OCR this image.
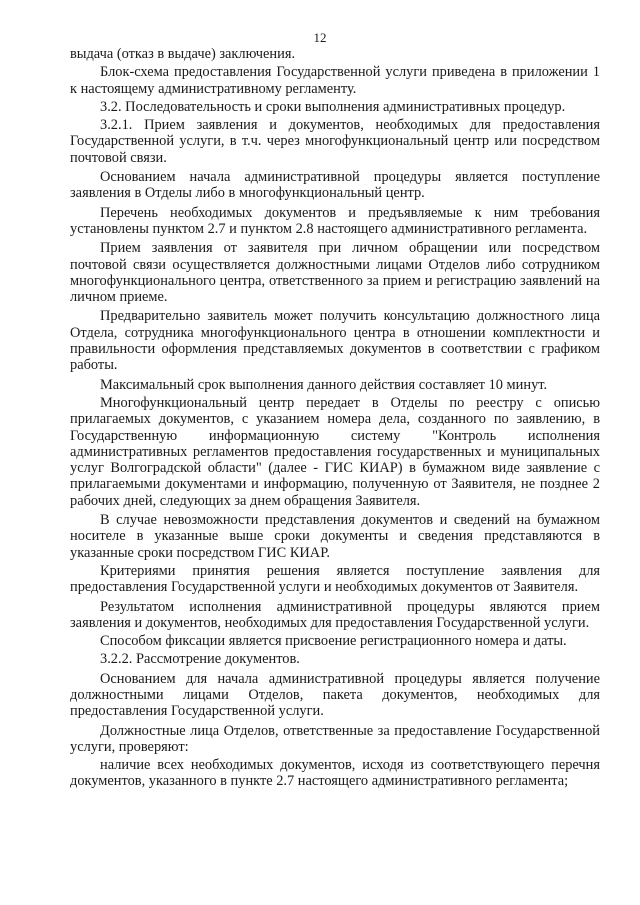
12

выдача (отказ в выдаче) заключения.

Блок-схема предоставления Государственной услуги приведена в приложении 1 к настоящему административному регламенту.

3.2. Последовательность и сроки выполнения административных процедур.

3.2.1. Прием заявления и документов, необходимых для предоставления Государственной услуги, в т.ч. через многофункциональный центр или посредством почтовой связи.

Основанием начала административной процедуры является поступление заявления в Отделы либо в многофункциональный центр.

Перечень необходимых документов и предъявляемые к ним требования установлены пунктом 2.7 и пунктом 2.8 настоящего административного регламента.

Прием заявления от заявителя при личном обращении или посредством почтовой связи осуществляется должностными лицами Отделов либо сотрудником многофункционального центра, ответственного за прием и регистрацию заявлений на личном приеме.

Предварительно заявитель может получить консультацию должностного лица Отдела, сотрудника многофункционального центра в отношении комплектности и правильности оформления представляемых документов в соответствии с графиком работы.

Максимальный срок выполнения данного действия составляет 10 минут.

Многофункциональный центр передает в Отделы по реестру с описью прилагаемых документов, с указанием номера дела, созданного по заявлению, в Государственную информационную систему "Контроль исполнения административных регламентов предоставления государственных и муниципальных услуг Волгоградской области" (далее - ГИС КИАР) в бумажном виде заявление с прилагаемыми документами и информацию, полученную от Заявителя, не позднее 2 рабочих дней, следующих за днем обращения Заявителя.

В случае невозможности представления документов и сведений на бумажном носителе в указанные выше сроки документы и сведения представляются в указанные сроки посредством ГИС КИАР.

Критериями принятия решения является поступление заявления для предоставления Государственной услуги и необходимых документов от Заявителя.

Результатом исполнения административной процедуры являются прием заявления и документов, необходимых для предоставления Государственной услуги.

Способом фиксации является присвоение регистрационного номера и даты.

3.2.2. Рассмотрение документов.

Основанием для начала административной процедуры является получение должностными лицами Отделов, пакета документов, необходимых для предоставления Государственной услуги.

Должностные лица Отделов, ответственные за предоставление Государственной услуги, проверяют:

наличие всех необходимых документов, исходя из соответствующего перечня документов, указанного в пункте 2.7 настоящего административного регламента;
